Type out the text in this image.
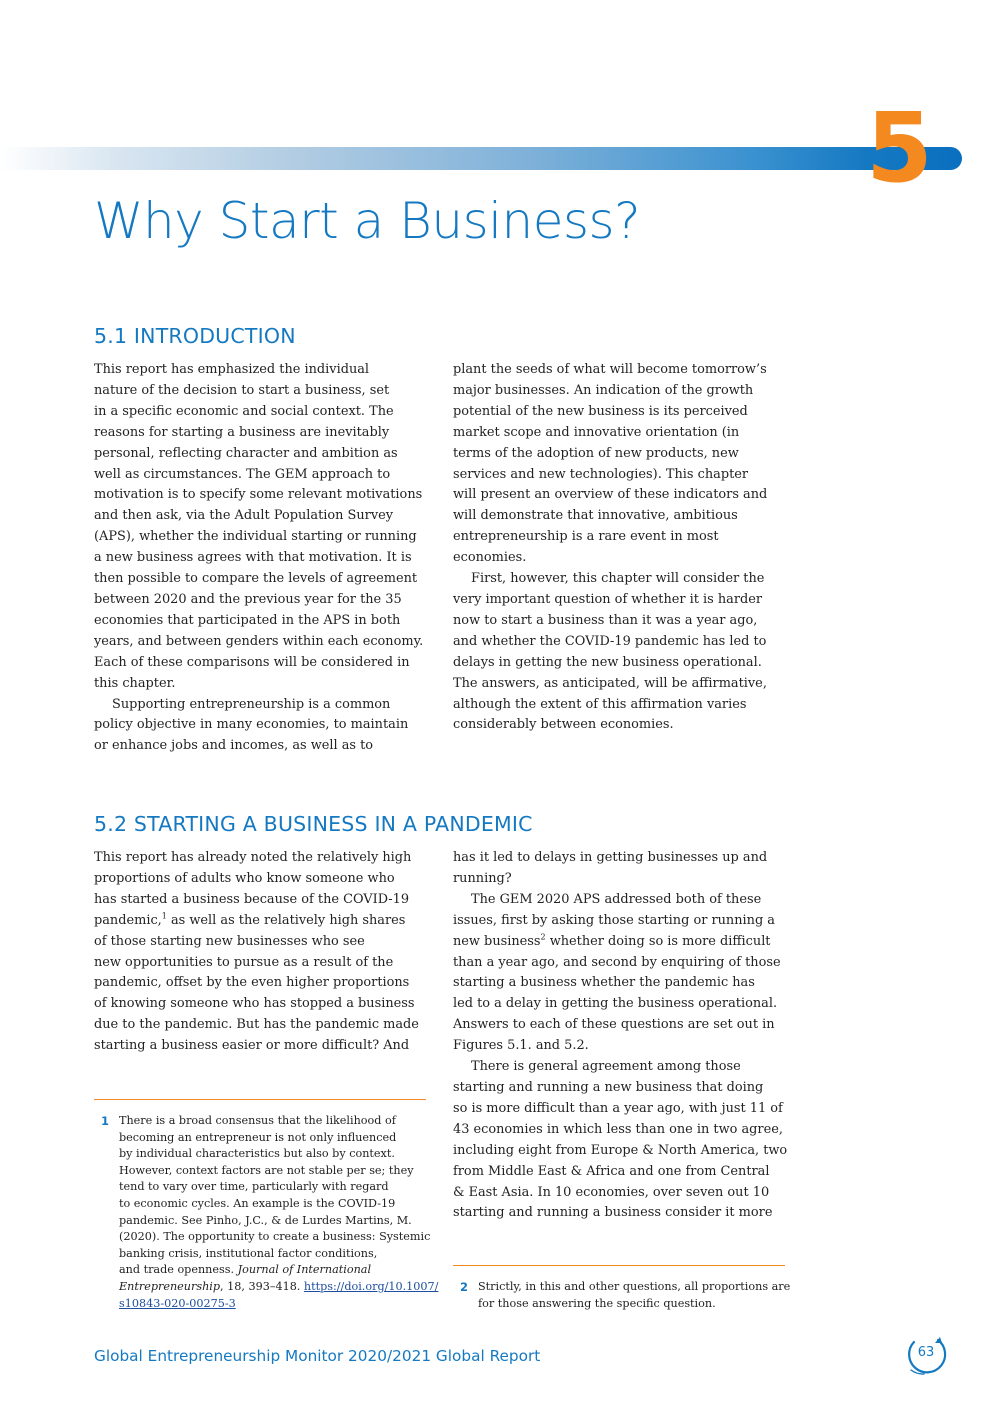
5
Why Start a Business?
5.1 INTRODUCTION

This report has emphasized the individual
nature of the decision to start a business, set
in a specific economic and social context. The
reasons for starting a business are inevitably
personal, reflecting character and ambition as
well as circumstances. The GEM approach to
motivation is to specify some relevant motivations
and then ask, via the Adult Population Survey
(APS), whether the individual starting or running
a new business agrees with that motivation. It is
then possible to compare the levels of agreement
between 2020 and the previous year for the 35
economies that participated in the APS in both
years, and between genders within each economy.
Each of these comparisons will be considered in
this chapter.

Supporting entrepreneurship is a common
policy objective in many economies, to maintain
or enhance jobs and incomes, as well as to

plant the seeds of what will become tomorrow’s
major businesses. An indication of the growth
potential of the new business is its perceived
market scope and innovative orientation (in
terms of the adoption of new products, new
services and new technologies). This chapter
will present an overview of these indicators and
will demonstrate that innovative, ambitious
entrepreneurship is a rare event in most
economies.

First, however, this chapter will consider the
very important question of whether it is harder
now to start a business than it was a year ago,
and whether the COVID-19 pandemic has led to
delays in getting the new business operational.
The answers, as anticipated, will be affirmative,
although the extent of this affirmation varies
considerably between economies.

5.2 STARTING A BUSINESS IN A PANDEMIC

This report has already noted the relatively high
proportions of adults who know someone who
has started a business because of the COVID-19
pandemic,$^1$ as well as the relatively high shares
of those starting new businesses who see
new opportunities to pursue as a result of the
pandemic, offset by the even higher proportions
of knowing someone who has stopped a business
due to the pandemic. But has the pandemic made
starting a business easier or more difficult? And

has it led to delays in getting businesses up and
running?

The GEM 2020 APS addressed both of these
issues, first by asking those starting or running a
new business$^2$ whether doing so is more difficult
than a year ago, and second by enquiring of those
starting a business whether the pandemic has
led to a delay in getting the business operational.
Answers to each of these questions are set out in
Figures 5.1. and 5.2.

There is general agreement among those
starting and running a new business that doing
so is more difficult than a year ago, with just 11 of
43 economies in which less than one in two agree,
including eight from Europe & North America, two
from Middle East & Africa and one from Central
& East Asia. In 10 economies, over seven out 10
starting and running a business consider it more

1 There is a broad consensus that the likelihood of
becoming an entrepreneur is not only influenced
by individual characteristics but also by context.
However, context factors are not stable per se; they
tend to vary over time, particularly with regard
to economic cycles. An example is the COVID-19
pandemic. See Pinho, J.C., & de Lurdes Martins, M.
(2020). The opportunity to create a business: Systemic
banking crisis, institutional factor conditions,
and trade openness. Journal of International
Entrepreneurship, 18, 393–418. https://doi.org/10.1007/
s10843-020-00275-3
2 Strictly, in this and other questions, all proportions are
for those answering the specific question.
Global Entrepreneurship Monitor 2020/2021 Global Report	63
